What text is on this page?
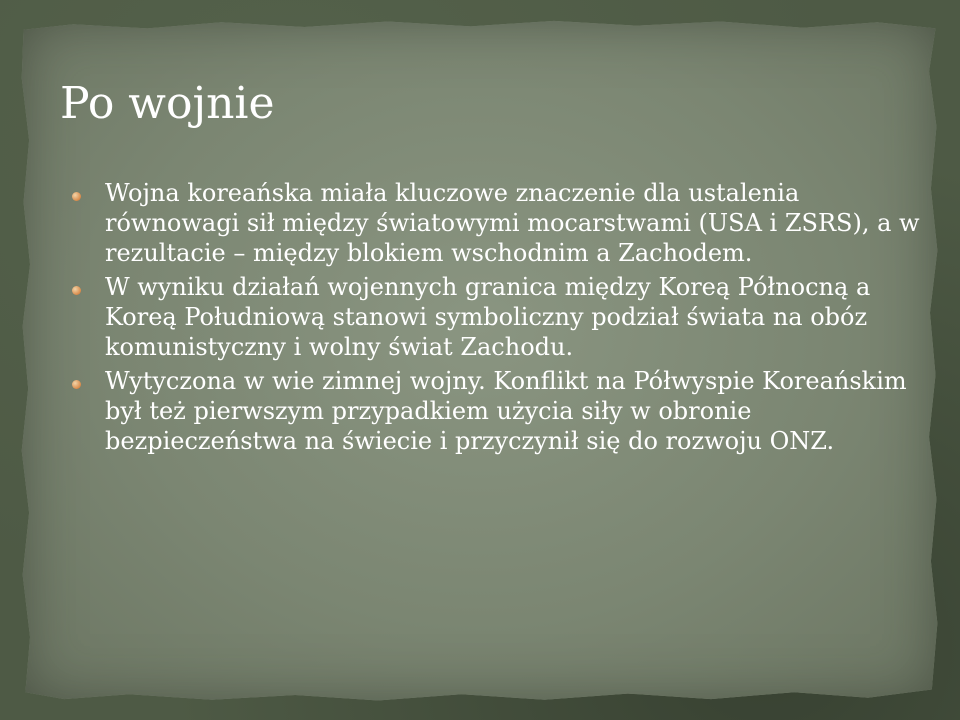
Po wojnie
Wojna koreańska miała kluczowe znaczenie dla ustalenia równowagi sił między światowymi mocarstwami (USA i ZSRS), a w rezultacie – między blokiem wschodnim a Zachodem.
W wyniku działań wojennych granica między Koreą Północną a Koreą Południową stanowi symboliczny podział świata na obóz komunistyczny i wolny świat Zachodu.
Wytyczona w wie zimnej wojny. Konflikt na Półwyspie Koreańskim był też pierwszym przypadkiem użycia siły w obronie bezpieczeństwa na świecie i przyczynił się do rozwoju ONZ.
